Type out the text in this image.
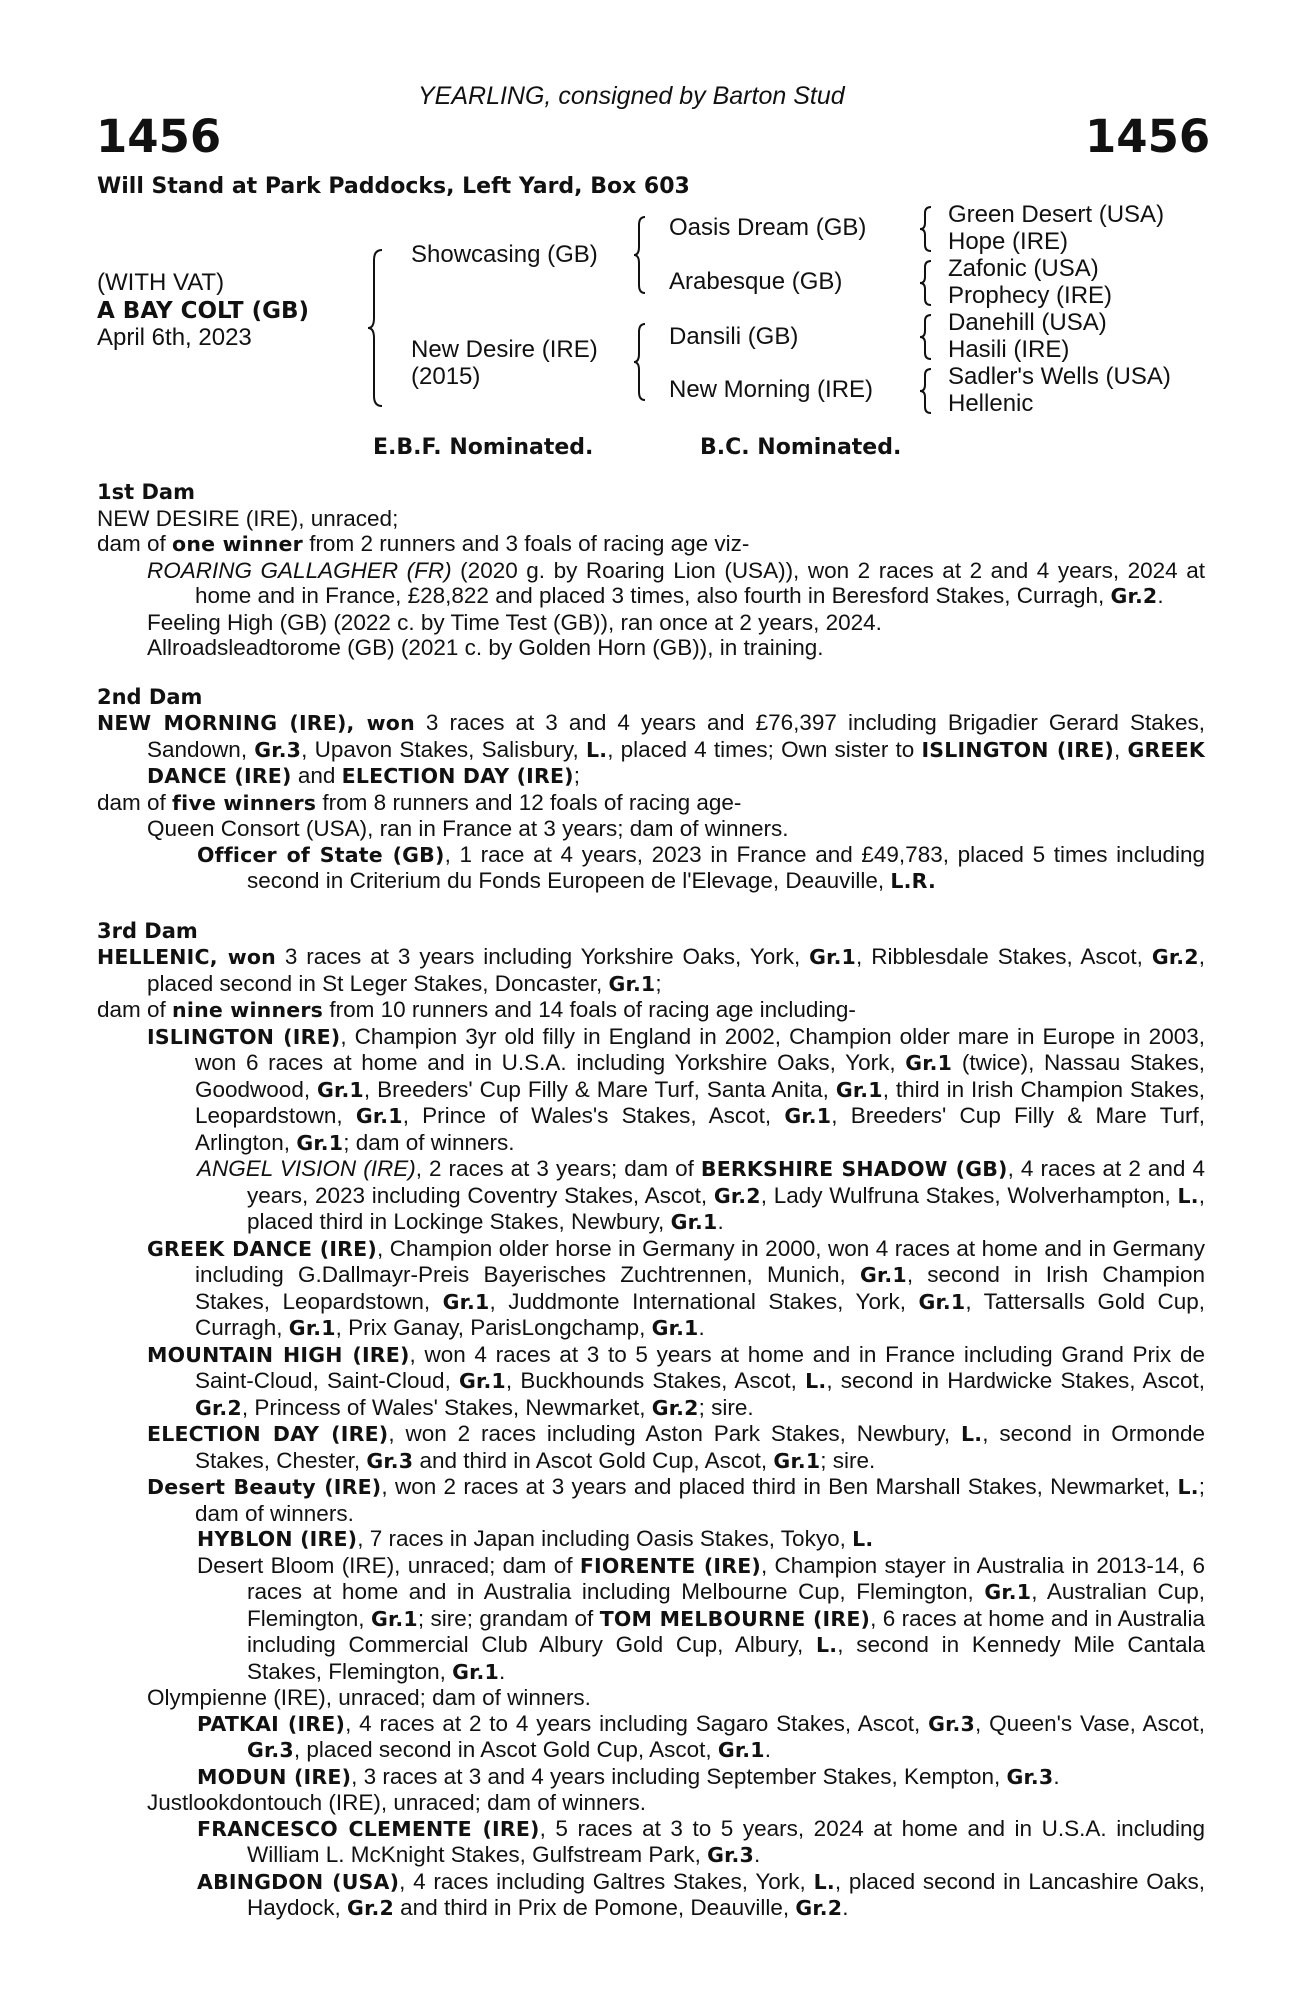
YEARLING, consigned by Barton Stud
1456	1456
Will Stand at Park Paddocks, Left Yard, Box 603
(WITH VAT)
A BAY COLT (GB)
April 6th, 2023
Showcasing (GB)
New Desire (IRE)
(2015)
Oasis Dream (GB)
Arabesque (GB)
Dansili (GB)
New Morning (IRE)
Green Desert (USA)
Hope (IRE)
Zafonic (USA)
Prophecy (IRE)
Danehill (USA)
Hasili (IRE)
Sadler's Wells (USA)
Hellenic
E.B.F. Nominated.	B.C. Nominated.
1st Dam
NEW DESIRE (IRE), unraced;
dam of one winner from 2 runners and 3 foals of racing age viz-
ROARING GALLAGHER (FR) (2020 g. by Roaring Lion (USA)), won 2 races at 2 and 4 years, 2024 at home and in France, £28,822 and placed 3 times, also fourth in Beresford Stakes, Curragh, Gr.2.
Feeling High (GB) (2022 c. by Time Test (GB)), ran once at 2 years, 2024.
Allroadsleadtorome (GB) (2021 c. by Golden Horn (GB)), in training.
2nd Dam
NEW MORNING (IRE), won 3 races at 3 and 4 years and £76,397 including Brigadier Gerard Stakes, Sandown, Gr.3, Upavon Stakes, Salisbury, L., placed 4 times; Own sister to ISLINGTON (IRE), GREEK DANCE (IRE) and ELECTION DAY (IRE);
dam of five winners from 8 runners and 12 foals of racing age-
Queen Consort (USA), ran in France at 3 years; dam of winners.
Officer of State (GB), 1 race at 4 years, 2023 in France and £49,783, placed 5 times including second in Criterium du Fonds Europeen de l'Elevage, Deauville, L.R.
3rd Dam
HELLENIC, won 3 races at 3 years including Yorkshire Oaks, York, Gr.1, Ribblesdale Stakes, Ascot, Gr.2, placed second in St Leger Stakes, Doncaster, Gr.1;
dam of nine winners from 10 runners and 14 foals of racing age including-
ISLINGTON (IRE), Champion 3yr old filly in England in 2002, Champion older mare in Europe in 2003, won 6 races at home and in U.S.A. including Yorkshire Oaks, York, Gr.1 (twice), Nassau Stakes, Goodwood, Gr.1, Breeders' Cup Filly & Mare Turf, Santa Anita, Gr.1, third in Irish Champion Stakes, Leopardstown, Gr.1, Prince of Wales's Stakes, Ascot, Gr.1, Breeders' Cup Filly & Mare Turf, Arlington, Gr.1; dam of winners.
ANGEL VISION (IRE), 2 races at 3 years; dam of BERKSHIRE SHADOW (GB), 4 races at 2 and 4 years, 2023 including Coventry Stakes, Ascot, Gr.2, Lady Wulfruna Stakes, Wolverhampton, L., placed third in Lockinge Stakes, Newbury, Gr.1.
GREEK DANCE (IRE), Champion older horse in Germany in 2000, won 4 races at home and in Germany including G.Dallmayr-Preis Bayerisches Zuchtrennen, Munich, Gr.1, second in Irish Champion Stakes, Leopardstown, Gr.1, Juddmonte International Stakes, York, Gr.1, Tattersalls Gold Cup, Curragh, Gr.1, Prix Ganay, ParisLongchamp, Gr.1.
MOUNTAIN HIGH (IRE), won 4 races at 3 to 5 years at home and in France including Grand Prix de Saint-Cloud, Saint-Cloud, Gr.1, Buckhounds Stakes, Ascot, L., second in Hardwicke Stakes, Ascot, Gr.2, Princess of Wales' Stakes, Newmarket, Gr.2; sire.
ELECTION DAY (IRE), won 2 races including Aston Park Stakes, Newbury, L., second in Ormonde Stakes, Chester, Gr.3 and third in Ascot Gold Cup, Ascot, Gr.1; sire.
Desert Beauty (IRE), won 2 races at 3 years and placed third in Ben Marshall Stakes, Newmarket, L.; dam of winners.
HYBLON (IRE), 7 races in Japan including Oasis Stakes, Tokyo, L.
Desert Bloom (IRE), unraced; dam of FIORENTE (IRE), Champion stayer in Australia in 2013-14, 6 races at home and in Australia including Melbourne Cup, Flemington, Gr.1, Australian Cup, Flemington, Gr.1; sire; grandam of TOM MELBOURNE (IRE), 6 races at home and in Australia including Commercial Club Albury Gold Cup, Albury, L., second in Kennedy Mile Cantala Stakes, Flemington, Gr.1.
Olympienne (IRE), unraced; dam of winners.
PATKAI (IRE), 4 races at 2 to 4 years including Sagaro Stakes, Ascot, Gr.3, Queen's Vase, Ascot, Gr.3, placed second in Ascot Gold Cup, Ascot, Gr.1.
MODUN (IRE), 3 races at 3 and 4 years including September Stakes, Kempton, Gr.3.
Justlookdontouch (IRE), unraced; dam of winners.
FRANCESCO CLEMENTE (IRE), 5 races at 3 to 5 years, 2024 at home and in U.S.A. including William L. McKnight Stakes, Gulfstream Park, Gr.3.
ABINGDON (USA), 4 races including Galtres Stakes, York, L., placed second in Lancashire Oaks, Haydock, Gr.2 and third in Prix de Pomone, Deauville, Gr.2.
